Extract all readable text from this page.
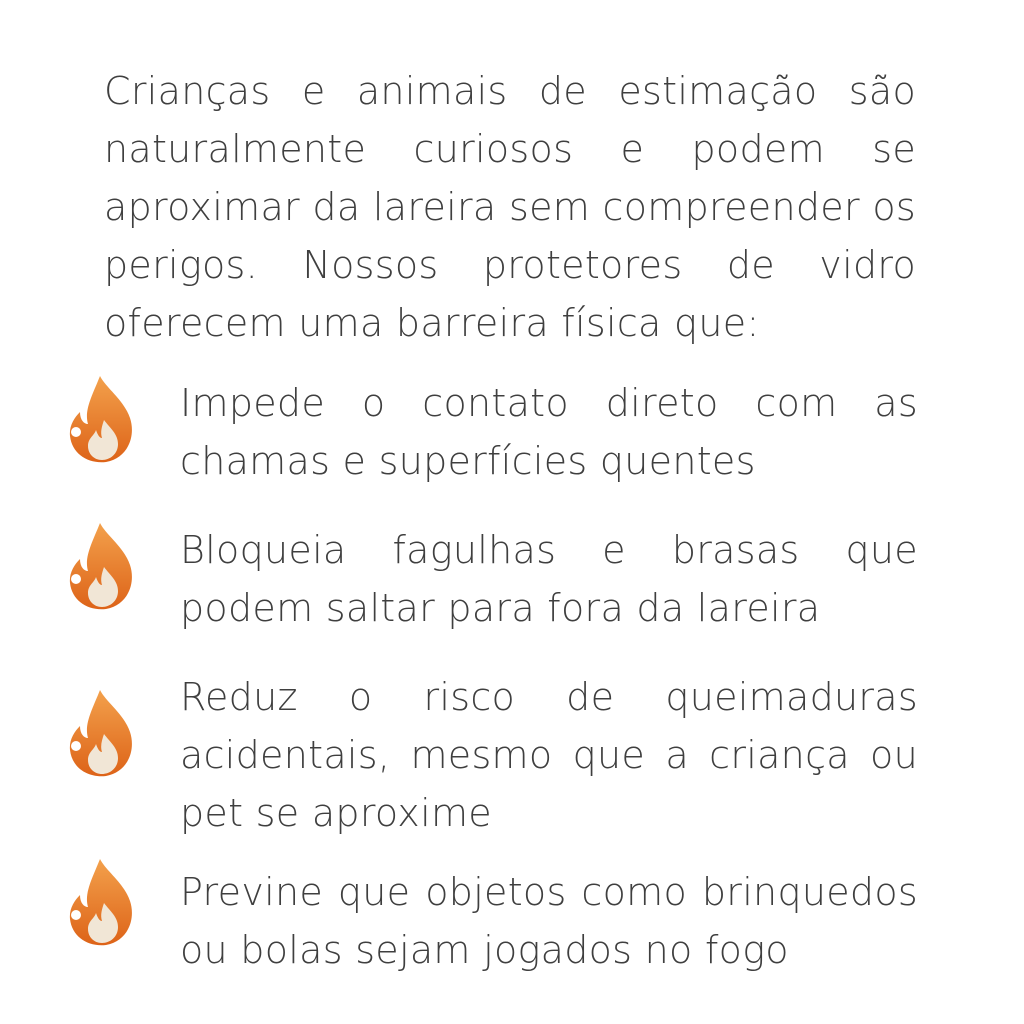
Crianças e animais de estimação são naturalmente curiosos e podem se aproximar da lareira sem compreender os perigos. Nossos protetores de vidro oferecem uma barreira física que:
Impede o contato direto com as chamas e superfícies quentes
Bloqueia fagulhas e brasas que podem saltar para fora da lareira
Reduz o risco de queimaduras acidentais, mesmo que a criança ou pet se aproxime
Previne que objetos como brinquedos ou bolas sejam jogados no fogo
